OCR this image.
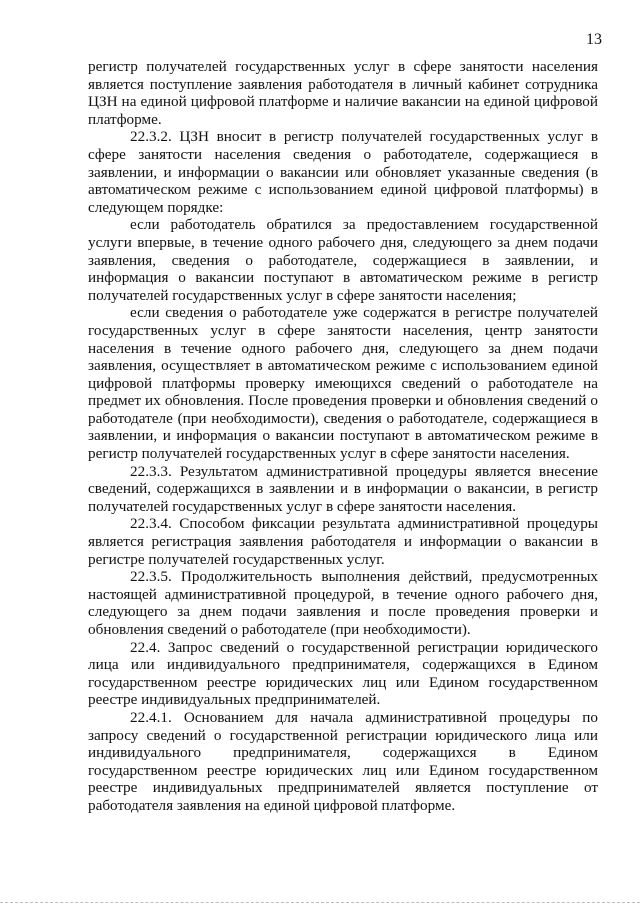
13

регистр получателей государственных услуг в сфере занятости населения является поступление заявления работодателя в личный кабинет сотрудника ЦЗН на единой цифровой платформе и наличие вакансии на единой цифровой платформе.

22.3.2. ЦЗН вносит в регистр получателей государственных услуг в сфере занятости населения сведения о работодателе, содержащиеся в заявлении, и информации о вакансии или обновляет указанные сведения (в автоматическом режиме с использованием единой цифровой платформы) в следующем порядке:

если работодатель обратился за предоставлением государственной услуги впервые, в течение одного рабочего дня, следующего за днем подачи заявления, сведения о работодателе, содержащиеся в заявлении, и информация о вакансии поступают в автоматическом режиме в регистр получателей государственных услуг в сфере занятости населения;

если сведения о работодателе уже содержатся в регистре получателей государственных услуг в сфере занятости населения, центр занятости населения в течение одного рабочего дня, следующего за днем подачи заявления, осуществляет в автоматическом режиме с использованием единой цифровой платформы проверку имеющихся сведений о работодателе на предмет их обновления. После проведения проверки и обновления сведений о работодателе (при необходимости), сведения о работодателе, содержащиеся в заявлении, и информация о вакансии поступают в автоматическом режиме в регистр получателей государственных услуг в сфере занятости населения.

22.3.3. Результатом административной процедуры является внесение сведений, содержащихся в заявлении и в информации о вакансии, в регистр получателей государственных услуг в сфере занятости населения.

22.3.4. Способом фиксации результата административной процедуры является регистрация заявления работодателя и информации о вакансии в регистре получателей государственных услуг.

22.3.5. Продолжительность выполнения действий, предусмотренных настоящей административной процедурой, в течение одного рабочего дня, следующего за днем подачи заявления и после проведения проверки и обновления сведений о работодателе (при необходимости).

22.4. Запрос сведений о государственной регистрации юридического лица или индивидуального предпринимателя, содержащихся в Едином государственном реестре юридических лиц или Едином государственном реестре индивидуальных предпринимателей.

22.4.1. Основанием для начала административной процедуры по запросу сведений о государственной регистрации юридического лица или индивидуального предпринимателя, содержащихся в Едином государственном реестре юридических лиц или Едином государственном реестре индивидуальных предпринимателей является поступление от работодателя заявления на единой цифровой платформе.
